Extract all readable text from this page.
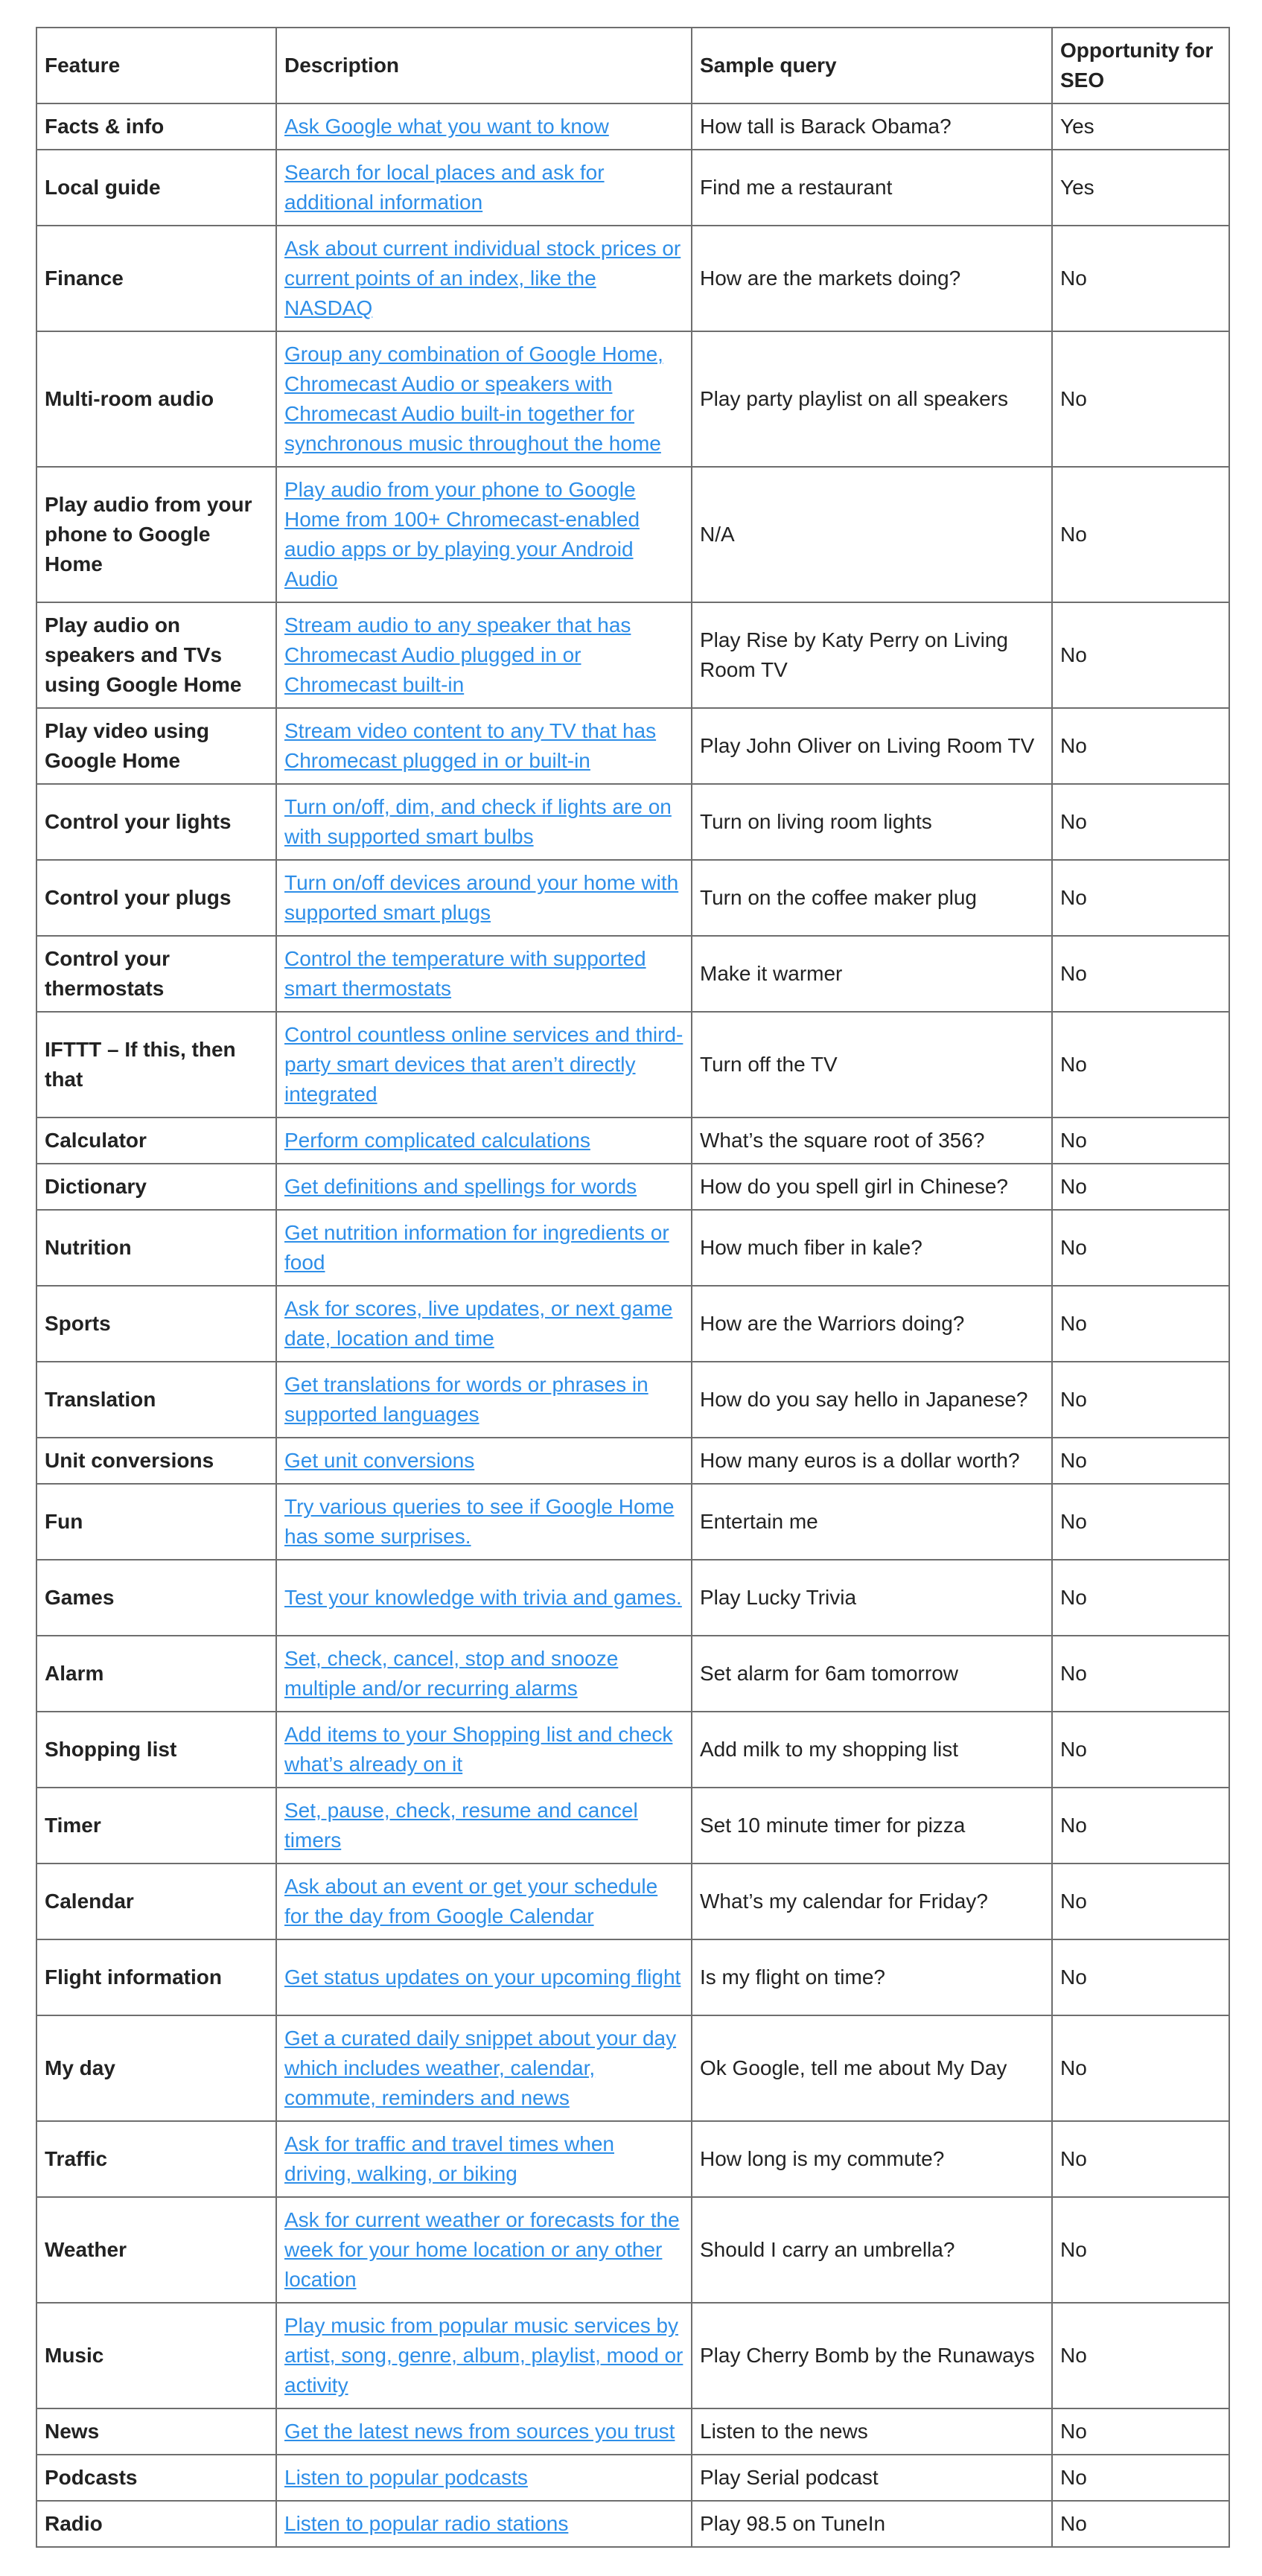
Feature	Description	Sample query	Opportunity for SEO
Facts & info	Ask Google what you want to know	How tall is Barack Obama?	Yes
Local guide	Search for local places and ask for additional information	Find me a restaurant	Yes
Finance	Ask about current individual stock prices or current points of an index, like the NASDAQ	How are the markets doing?	No
Multi-room audio	Group any combination of Google Home, Chromecast Audio or speakers with Chromecast Audio built-in together for synchronous music throughout the home	Play party playlist on all speakers	No
Play audio from your phone to Google Home	Play audio from your phone to Google Home from 100+ Chromecast-enabled audio apps or by playing your Android Audio	N/A	No
Play audio on speakers and TVs using Google Home	Stream audio to any speaker that has Chromecast Audio plugged in or Chromecast built-in	Play Rise by Katy Perry on Living Room TV	No
Play video using Google Home	Stream video content to any TV that has Chromecast plugged in or built-in	Play John Oliver on Living Room TV	No
Control your lights	Turn on/off, dim, and check if lights are on with supported smart bulbs	Turn on living room lights	No
Control your plugs	Turn on/off devices around your home with supported smart plugs	Turn on the coffee maker plug	No
Control your thermostats	Control the temperature with supported smart thermostats	Make it warmer	No
IFTTT – If this, then that	Control countless online services and third-party smart devices that aren’t directly integrated	Turn off the TV	No
Calculator	Perform complicated calculations	What’s the square root of 356?	No
Dictionary	Get definitions and spellings for words	How do you spell girl in Chinese?	No
Nutrition	Get nutrition information for ingredients or food	How much fiber in kale?	No
Sports	Ask for scores, live updates, or next game date, location and time	How are the Warriors doing?	No
Translation	Get translations for words or phrases in supported languages	How do you say hello in Japanese?	No
Unit conversions	Get unit conversions	How many euros is a dollar worth?	No
Fun	Try various queries to see if Google Home has some surprises.	Entertain me	No
Games	Test your knowledge with trivia and games.	Play Lucky Trivia	No
Alarm	Set, check, cancel, stop and snooze multiple and/or recurring alarms	Set alarm for 6am tomorrow	No
Shopping list	Add items to your Shopping list and check what’s already on it	Add milk to my shopping list	No
Timer	Set, pause, check, resume and cancel timers	Set 10 minute timer for pizza	No
Calendar	Ask about an event or get your schedule for the day from Google Calendar	What’s my calendar for Friday?	No
Flight information	Get status updates on your upcoming flight	Is my flight on time?	No
My day	Get a curated daily snippet about your day which includes weather, calendar, commute, reminders and news	Ok Google, tell me about My Day	No
Traffic	Ask for traffic and travel times when driving, walking, or biking	How long is my commute?	No
Weather	Ask for current weather or forecasts for the week for your home location or any other location	Should I carry an umbrella?	No
Music	Play music from popular music services by artist, song, genre, album, playlist, mood or activity	Play Cherry Bomb by the Runaways	No
News	Get the latest news from sources you trust	Listen to the news	No
Podcasts	Listen to popular podcasts	Play Serial podcast	No
Radio	Listen to popular radio stations	Play 98.5 on TuneIn	No
